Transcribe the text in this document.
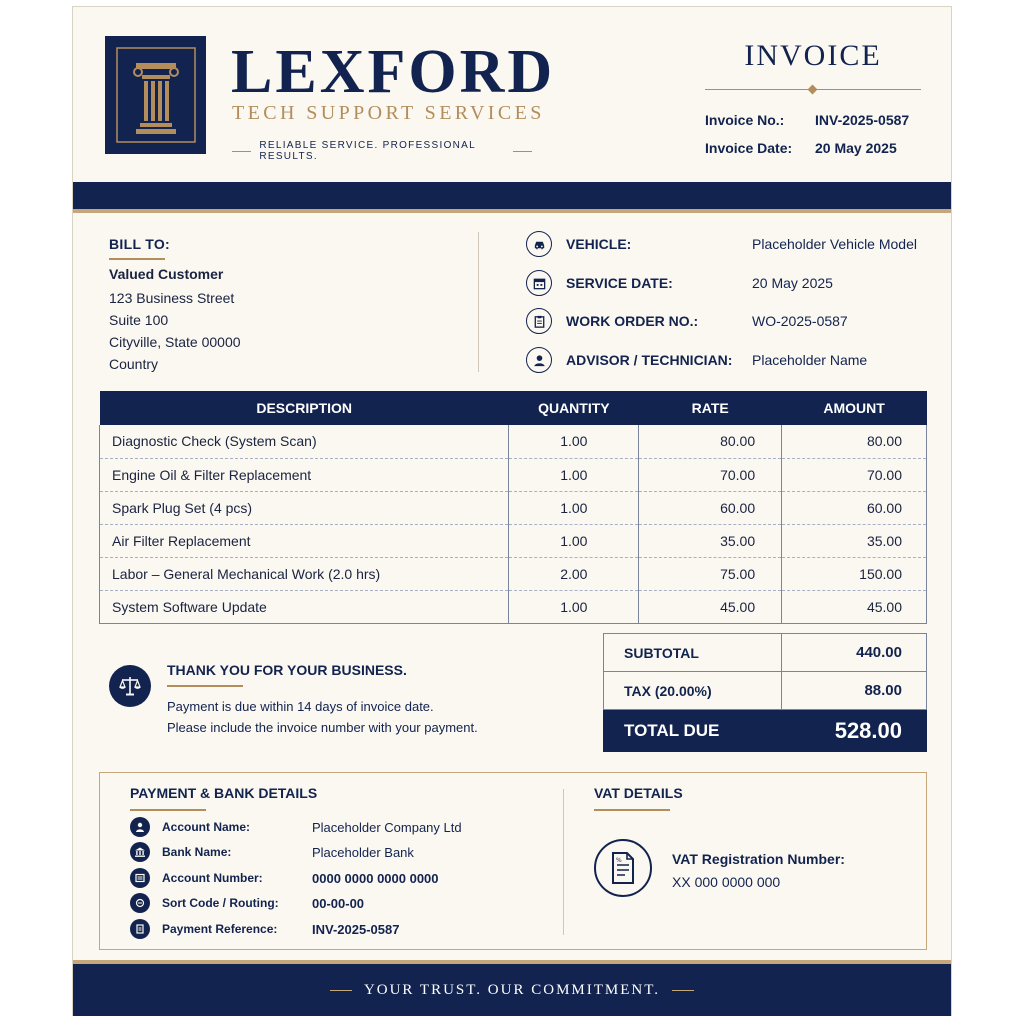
LEXFORD
TECH SUPPORT SERVICES
RELIABLE SERVICE. PROFESSIONAL RESULTS.
INVOICE
Invoice No.: INV-2025-0587
Invoice Date: 20 May 2025
BILL TO:
Valued Customer
123 Business Street
Suite 100
Cityville, State 00000
Country
VEHICLE:	Placeholder Vehicle Model
SERVICE DATE:	20 May 2025
WORK ORDER NO.:	WO-2025-0587
ADVISOR / TECHNICIAN:	Placeholder Name
DESCRIPTION	QUANTITY	RATE	AMOUNT
Diagnostic Check (System Scan)	1.00	80.00	80.00
Engine Oil & Filter Replacement	1.00	70.00	70.00
Spark Plug Set (4 pcs)	1.00	60.00	60.00
Air Filter Replacement	1.00	35.00	35.00
Labor – General Mechanical Work (2.0 hrs)	2.00	75.00	150.00
System Software Update	1.00	45.00	45.00
THANK YOU FOR YOUR BUSINESS.
Payment is due within 14 days of invoice date.
Please include the invoice number with your payment.
SUBTOTAL	440.00
TAX (20.00%)	88.00
TOTAL DUE	528.00
PAYMENT & BANK DETAILS
Account Name:	Placeholder Company Ltd
Bank Name:	Placeholder Bank
Account Number:	0000 0000 0000 0000
Sort Code / Routing:	00-00-00
Payment Reference:	INV-2025-0587
VAT DETAILS
%	VAT Registration Number:
XX 000 0000 000
YOUR TRUST. OUR COMMITMENT.
